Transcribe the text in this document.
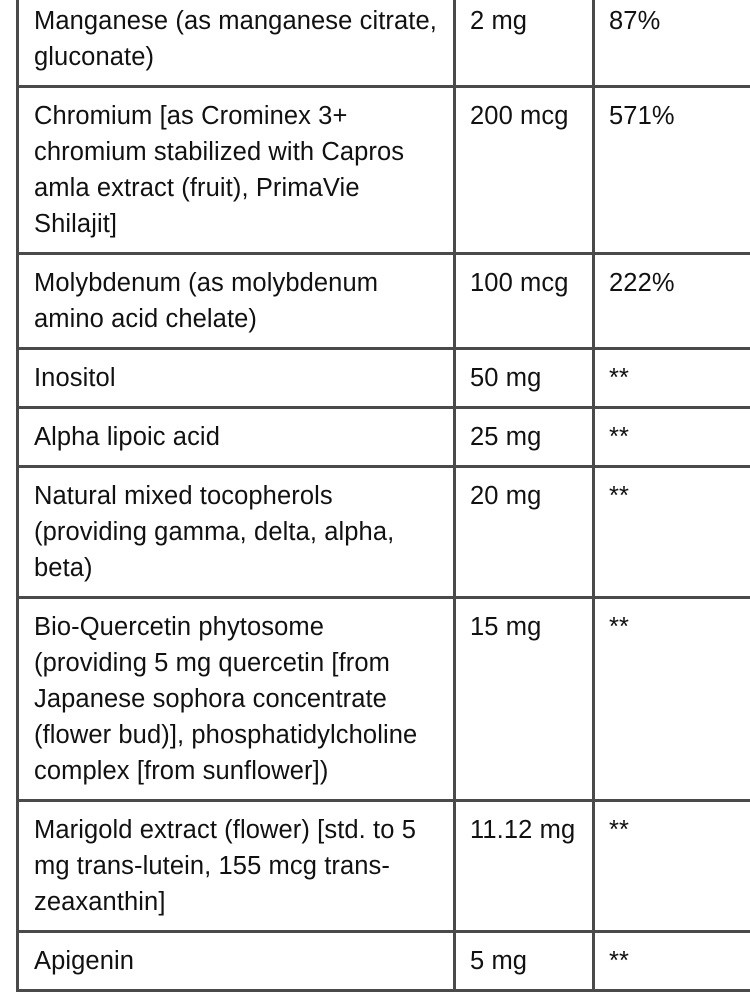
Manganese (as manganese citrate, gluconate)	2 mg	87%
Chromium [as Crominex 3+ chromium stabilized with Capros amla extract (fruit), PrimaVie Shilajit]	200 mcg	571%
Molybdenum (as molybdenum amino acid chelate)	100 mcg	222%
Inositol	50 mg	**
Alpha lipoic acid	25 mg	**
Natural mixed tocopherols (providing gamma, delta, alpha, beta)	20 mg	**
Bio-Quercetin phytosome (providing 5 mg quercetin [from Japanese sophora concentrate (flower bud)], phosphatidylcholine complex [from sunflower])	15 mg	**
Marigold extract (flower) [std. to 5 mg trans-lutein, 155 mcg trans-zeaxanthin]	11.12 mg	**
Apigenin	5 mg	**
